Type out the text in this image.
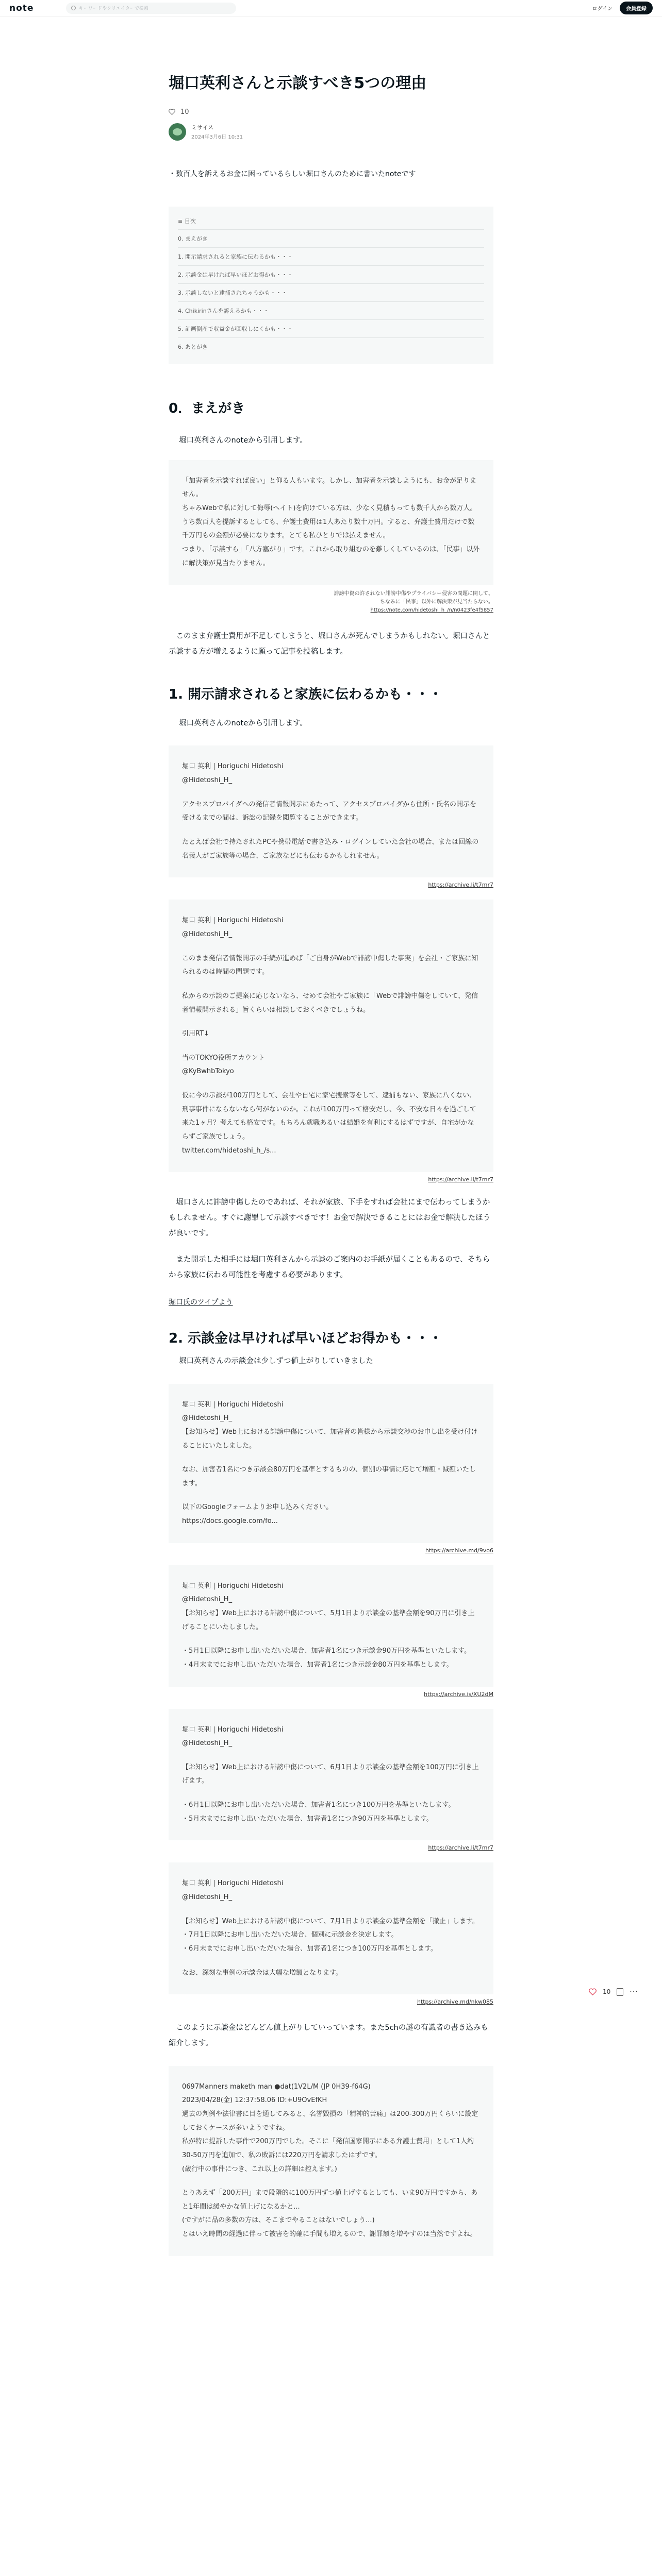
note	キーワードやクリエイターで検索	ログイン	会員登録
堀口英利さんと示談すべき5つの理由
10
ミサイス
2024年3月6日 10:31

・数百人を訴えるお金に困っているらしい堀口さんのために書いたnoteです

≡ 目次
0. まえがき
1. 開示請求されると家族に伝わるかも・・・
2. 示談金は早ければ早いほどお得かも・・・
3. 示談しないと逮捕されちゃうかも・・・
4. Chikirinさんを訴えるかも・・・
5. 計画倒産で収益金が回収しにくかも・・・
6. あとがき
0．まえがき

堀口英利さんのnoteから引用します。

「加害者を示談すれば良い」と仰る人もいます。しかし、加害者を示談しようにも、お金が足りません。

ちゃみWebで私に対して侮辱(ヘイト)を向けている方は、少なく見積もっても数千人から数万人。うち数百人を提訴するとしても、弁護士費用は1人あたり数十万円。すると、弁護士費用だけで数千万円もの金額が必要になります。とても私ひとりでは払えません。

つまり、「示談すら」「八方塞がり」です。これから取り組むのを難しくしているのは、「民事」以外に解決策が見当たりません。

誹謗中傷の許されない誹謗中傷やプライバシー侵害の問題に関して、
ちなみに「民事」以外に解決策が見当たらない。
https://note.com/hidetoshi_h_/n/n0423fe4f5857

　このまま弁護士費用が不足してしまうと、堀口さんが死んでしまうかもしれない。堀口さんと示談する方が増えるように願って記事を投稿します。

1. 開示請求されると家族に伝わるかも・・・

堀口英利さんのnoteから引用します。

堀口 英利 | Horiguchi Hidetoshi

@Hidetoshi_H_

アクセスプロバイダへの発信者情報開示にあたって、アクセスプロバイダから住所・氏名の開示を受けるまでの間は、訴訟の記録を閲覧することができます。

たとえば会社で持たされたPCや携帯電話で書き込み・ログインしていた会社の場合、または回線の名義人がご家族等の場合、ご家族などにも伝わるかもしれません。

https://archive.li/t7mr7

堀口 英利 | Horiguchi Hidetoshi

@Hidetoshi_H_

このまま発信者情報開示の手続が進めば「ご自身がWebで誹謗中傷した事実」を会社・ご家族に知られるのは時間の問題です。

私からの示談のご提案に応じないなら、せめて会社やご家族に「Webで誹謗中傷をしていて、発信者情報開示される」旨くらいは相談しておくべきでしょうね。

引用RT↓

当のTOKYO役所アカウント

@KyBwhbTokyo

仮に今の示談が100万円として、会社や自宅に家宅捜索等をして、逮捕もない、家族に八くない、刑事事件にならないなら何がないのか。これが100万円って格安だし、今、不安な日々を過ごして来た1ヶ月？考えても格安です。もちろん就職あるいは結婚を有利にするはずですが、自宅がかならずご家族でしょう。

twitter.com/hidetoshi_h_/s...

https://archive.li/t7mr7

　堀口さんに誹謗中傷したのであれば、それが家族、下手をすれば会社にまで伝わってしまうかもしれません。すぐに謝罪して示談すべきです！お金で解決できることにはお金で解決したほうが良いです。

　また開示した相手には堀口英利さんから示談のご案内のお手紙が届くこともあるので、そちらから家族に伝わる可能性を考慮する必要があります。

堀口氏のツイプよう

2. 示談金は早ければ早いほどお得かも・・・

堀口英利さんの示談金は少しずつ値上がりしていきました

堀口 英利 | Horiguchi Hidetoshi

@Hidetoshi_H_

【お知らせ】Web上における誹謗中傷について、加害者の皆様から示談交渉のお申し出を受け付けることにいたしました。

なお、加害者1名につき示談金80万円を基準とするものの、個別の事情に応じて増額・減額いたします。

以下のGoogleフォームよりお申し込みください。

https://docs.google.com/fo...

https://archive.md/9vo6

堀口 英利 | Horiguchi Hidetoshi

@Hidetoshi_H_

【お知らせ】Web上における誹謗中傷について、5月1日より示談金の基準金額を90万円に引き上げることにいたしました。

・5月1日以降にお申し出いただいた場合、加害者1名につき示談金90万円を基準といたします。

・4月末までにお申し出いただいた場合、加害者1名につき示談金80万円を基準とします。

https://archive.is/XU2dM

堀口 英利 | Horiguchi Hidetoshi

@Hidetoshi_H_

【お知らせ】Web上における誹謗中傷について、6月1日より示談金の基準金額を100万円に引き上げます。

・6月1日以降にお申し出いただいた場合、加害者1名につき100万円を基準といたします。

・5月末までにお申し出いただいた場合、加害者1名につき90万円を基準とします。

https://archive.li/t7mr7

堀口 英利 | Horiguchi Hidetoshi

@Hidetoshi_H_

【お知らせ】Web上における誹謗中傷について、7月1日より示談金の基準金額を「撤止」します。

・7月1日以降にお申し出いただいた場合、個別に示談金を決定します。

・6月末までにお申し出いただいた場合、加害者1名につき100万円を基準とします。

なお、深刻な事例の示談金は大幅な増額となります。

https://archive.md/nkw085

　このように示談金はどんどん値上がりしていっています。また5chの謎の有識者の書き込みも紹介します。

0697Manners maketh man ●dat(1V2L/M (JP 0H39-f64G)

2023/04/28(金) 12:37:58.06 ID:+U9OvEfKH

過去の判例や法律書に目を通してみると、名誉毀損の「精神的苦痛」は200-300万円くらいに設定しておくケースが多いようですね。

私が特に提訴した事件で200万円でした。そこに「発信国家開示にある弁護士費用」として1人約30-50万円を追加で、私の敗訴には220万円を請求したはずです。

(歳行中の事件につき、これ以上の詳細は控えます。)

とりあえず「200万円」まで段階的に100万円ずつ値上げするとしても、いま90万円ですから、あと1年間は緩やかな値上げになるかと...

(ですがに品の多数の方は、そこまでやることはないでしょう...)

とはいえ時間の経過に伴って被害を的確に手間も増えるので、謝罪額を増やすのは当然ですよね。

10	···
